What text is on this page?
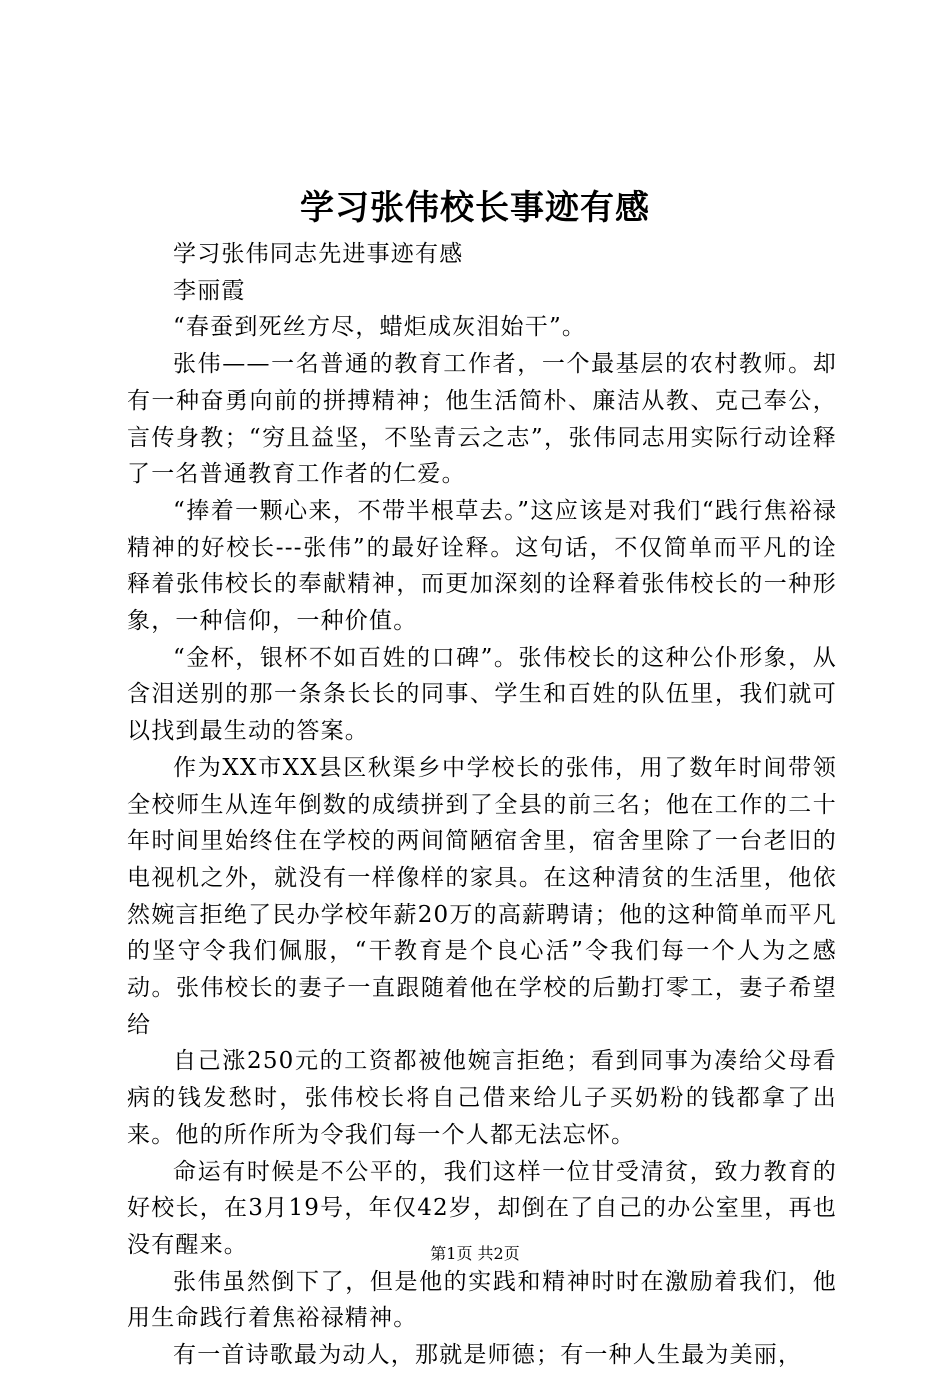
学习张伟校长事迹有感

学习张伟同志先进事迹有感

李丽霞

“春蚕到死丝方尽，蜡炬成灰泪始干”。

张伟——一名普通的教育工作者，一个最基层的农村教师。却有一种奋勇向前的拼搏精神；他生活简朴、廉洁从教、克己奉公，言传身教；“穷且益坚，不坠青云之志”，张伟同志用实际行动诠释了一名普通教育工作者的仁爱。

“捧着一颗心来，不带半根草去。”这应该是对我们“践行焦裕禄精神的好校长---张伟”的最好诠释。这句话，不仅简单而平凡的诠释着张伟校长的奉献精神，而更加深刻的诠释着张伟校长的一种形象，一种信仰，一种价值。

“金杯，银杯不如百姓的口碑”。张伟校长的这种公仆形象，从含泪送别的那一条条长长的同事、学生和百姓的队伍里，我们就可以找到最生动的答案。

作为XX市XX县区秋渠乡中学校长的张伟，用了数年时间带领全校师生从连年倒数的成绩拼到了全县的前三名；他在工作的二十年时间里始终住在学校的两间简陋宿舍里，宿舍里除了一台老旧的电视机之外，就没有一样像样的家具。在这种清贫的生活里，他依然婉言拒绝了民办学校年薪20万的高薪聘请；他的这种简单而平凡的坚守令我们佩服，“干教育是个良心活”令我们每一个人为之感动。张伟校长的妻子一直跟随着他在学校的后勤打零工，妻子希望给

自己涨250元的工资都被他婉言拒绝；看到同事为凑给父母看病的钱发愁时，张伟校长将自己借来给儿子买奶粉的钱都拿了出来。他的所作所为令我们每一个人都无法忘怀。

命运有时候是不公平的，我们这样一位甘受清贫，致力教育的好校长，在3月19号，年仅42岁，却倒在了自己的办公室里，再也没有醒来。

张伟虽然倒下了，但是他的实践和精神时时在激励着我们，他用生命践行着焦裕禄精神。

有一首诗歌最为动人，那就是师德；有一种人生最为美丽，

第1页 共2页
